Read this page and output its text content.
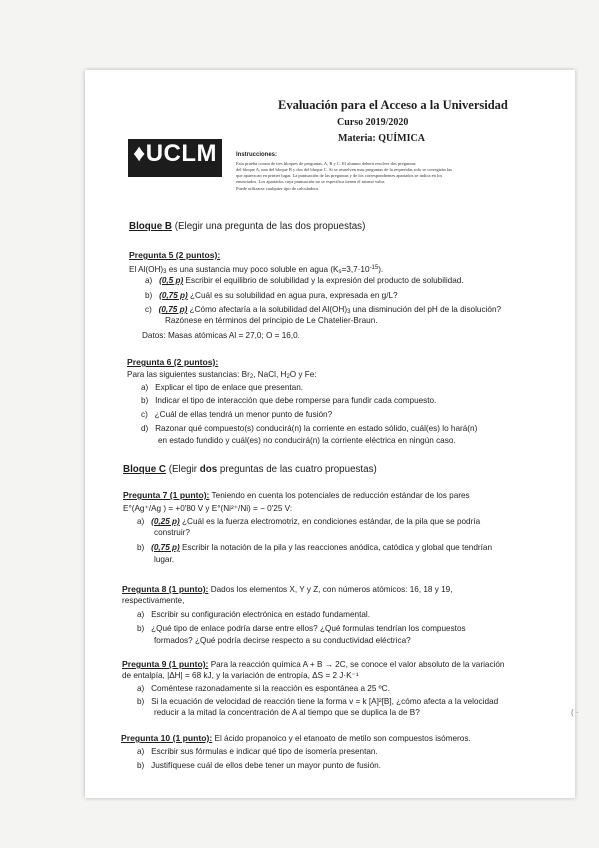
Evaluación para el Acceso a la Universidad
Curso 2019/2020
Materia: QUÍMICA
♦UCLM
CAMPUS DE EXCELENCIA INTERNACIONAL
Instrucciones:
Esta prueba consta de tres bloques de preguntas, A, B y C. El alumno deberá resolver dos preguntas
del bloque A, una del bloque B y dos del bloque C. Si se resuelven mas preguntas de la requeridas solo se corregirán las
que aparezcan en primer lugar. La puntuación de las preguntas y de los correspondientes apartados se indica en los
enunciados. Los apartados cuya puntuación no se especifica tienen el mismo valor.
Puede utilizarse cualquier tipo de calculadora.
Bloque B (Elegir una pregunta de las dos propuestas)
Pregunta 5 (2 puntos):
El $Al(OH)_3$ es una sustancia muy poco soluble en agua $(K_s=3,7\cdot 10^{-15})$.
a) (0,5 p) Escribir el equilibrio de solubilidad y la expresión del producto de solubilidad.
b) (0,75 p) ¿Cuál es su solubilidad en agua pura, expresada en g/L?
c) (0,75 p) ¿Cómo afectaría a la solubilidad del $Al(OH)_3$ una disminución del pH de la disolución?
Razónese en términos del principio de Le Chatelier-Braun.
Datos: Masas atómicas Al = 27,0; O = 16,0.
Pregunta 6 (2 puntos):
Para las siguientes sustancias: $Br_2$, NaCl, $H_2O$ y Fe:
a) Explicar el tipo de enlace que presentan.
b) Indicar el tipo de interacción que debe romperse para fundir cada compuesto.
c) ¿Cuál de ellas tendrá un menor punto de fusión?
d) Razonar qué compuesto(s) conducirá(n) la corriente en estado sólido, cuál(es) lo hará(n)
en estado fundido y cuál(es) no conducirá(n) la corriente eléctrica en ningún caso.
Bloque C (Elegir dos preguntas de las cuatro propuestas)
Pregunta 7 (1 punto): Teniendo en cuenta los potenciales de reducción estándar de los pares
E°(Ag⁺/Ag ) = +0'80 V y E°(Ni²⁺/Ni) = − 0'25 V:
a) (0,25 p) ¿Cuál es la fuerza electromotriz, en condiciones estándar, de la pila que se podría
construir?
b) (0,75 p) Escribir la notación de la pila y las reacciones anódica, catódica y global que tendrían
lugar.
Pregunta 8 (1 punto): Dados los elementos X, Y y Z, con números atómicos: 16, 18 y 19,
respectivamente,
a) Escribir su configuración electrónica en estado fundamental.
b) ¿Qué tipo de enlace podría darse entre ellos? ¿Qué formulas tendrían los compuestos
formados? ¿Qué podría decirse respecto a su conductividad eléctrica?
Pregunta 9 (1 punto): Para la reacción química A + B → 2C, se conoce el valor absoluto de la variación
de entalpía, |ΔH| = 68 kJ, y la variación de entropía, ΔS = 2 J·K⁻¹
a) Coméntese razonadamente si la reacción es espontánea a 25 ºC.
b) Si la ecuación de velocidad de reacción tiene la forma v = k [A]²[B], ¿cómo afecta a la velocidad
reducir a la mitad la concentración de A al tiempo que se duplica la de B?
Pregunta 10 (1 punto): El ácido propanoico y el etanoato de metilo son compuestos isómeros.
a) Escribir sus fórmulas e indicar qué tipo de isomería presentan.
b) Justifíquese cuál de ellos debe tener un mayor punto de fusión.
( ·
